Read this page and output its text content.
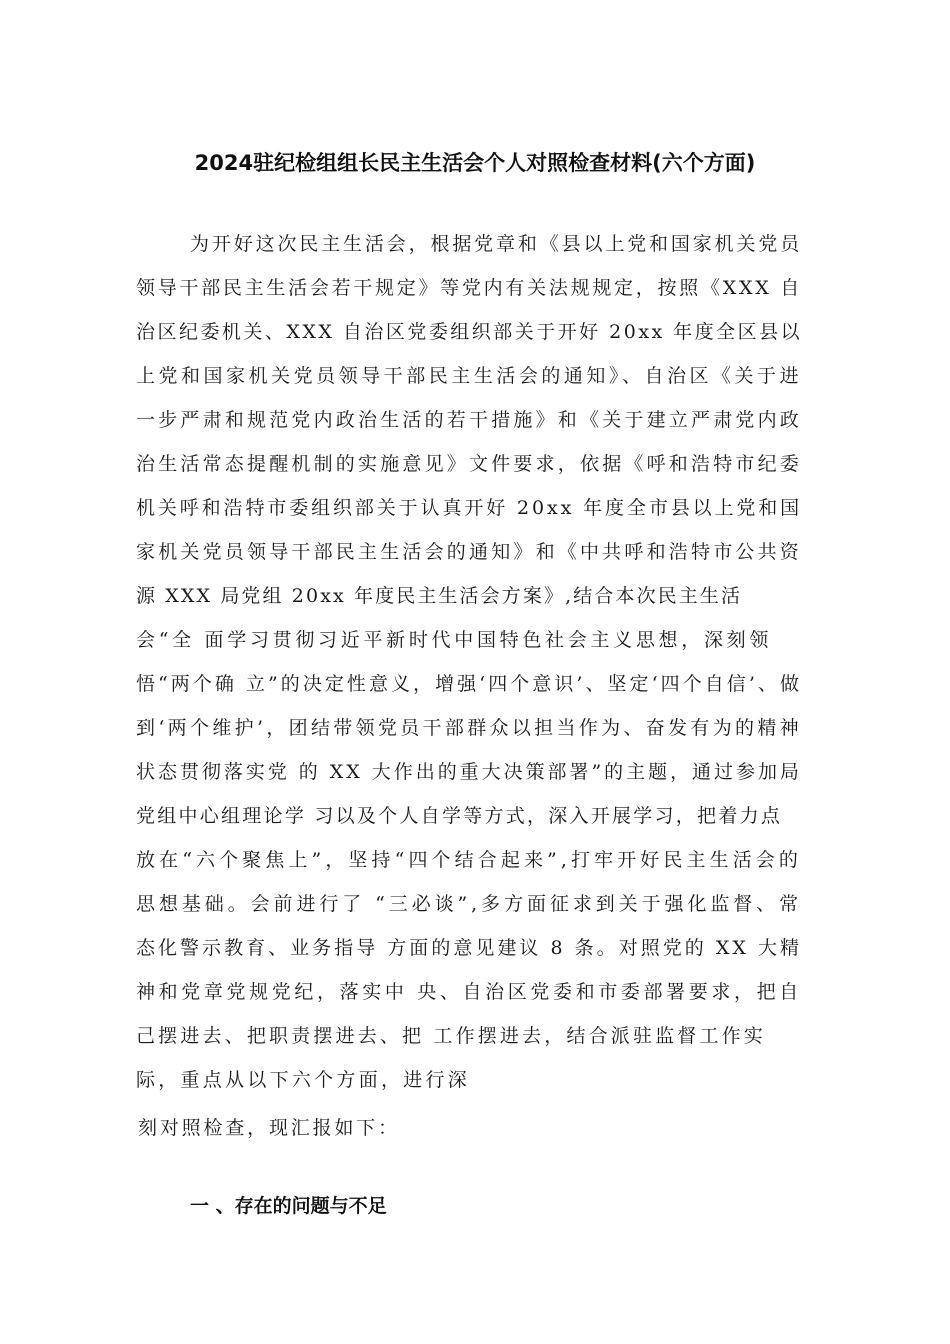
2024驻纪检组组长民主生活会个人对照检查材料(六个方面)
为开好这次民主生活会，根据党章和《县以上党和国家机关党员
领导干部民主生活会若干规定》等党内有关法规规定，按照《XXX 自
治区纪委机关、XXX 自治区党委组织部关于开好 20xx 年度全区县以
上党和国家机关党员领导干部民主生活会的通知》、自治区《关于进
一步严肃和规范党内政治生活的若干措施》和《关于建立严肃党内政
治生活常态提醒机制的实施意见》文件要求，依据《呼和浩特市纪委
机关呼和浩特市委组织部关于认真开好 20xx 年度全市县以上党和国
家机关党员领导干部民主生活会的通知》和《中共呼和浩特市公共资
源 XXX 局党组 20xx 年度民主生活会方案》,结合本次民主生活
会“全 面学习贯彻习近平新时代中国特色社会主义思想，深刻领
悟“两个确 立”的决定性意义，增强‘四个意识’、坚定‘四个自信’、做
到‘两个维护’，团结带领党员干部群众以担当作为、奋发有为的精神
状态贯彻落实党 的 XX 大作出的重大决策部署”的主题，通过参加局
党组中心组理论学 习以及个人自学等方式，深入开展学习，把着力点
放在“六个聚焦上”，坚持“四个结合起来”,打牢开好民主生活会的
思想基础。会前进行了 “三必谈”,多方面征求到关于强化监督、常
态化警示教育、业务指导 方面的意见建议 8 条。对照党的 XX 大精
神和党章党规党纪，落实中 央、自治区党委和市委部署要求，把自
己摆进去、把职责摆进去、把 工作摆进去，结合派驻监督工作实
际，重点从以下六个方面，进行深
刻对照检查，现汇报如下：
一 、存在的问题与不足
